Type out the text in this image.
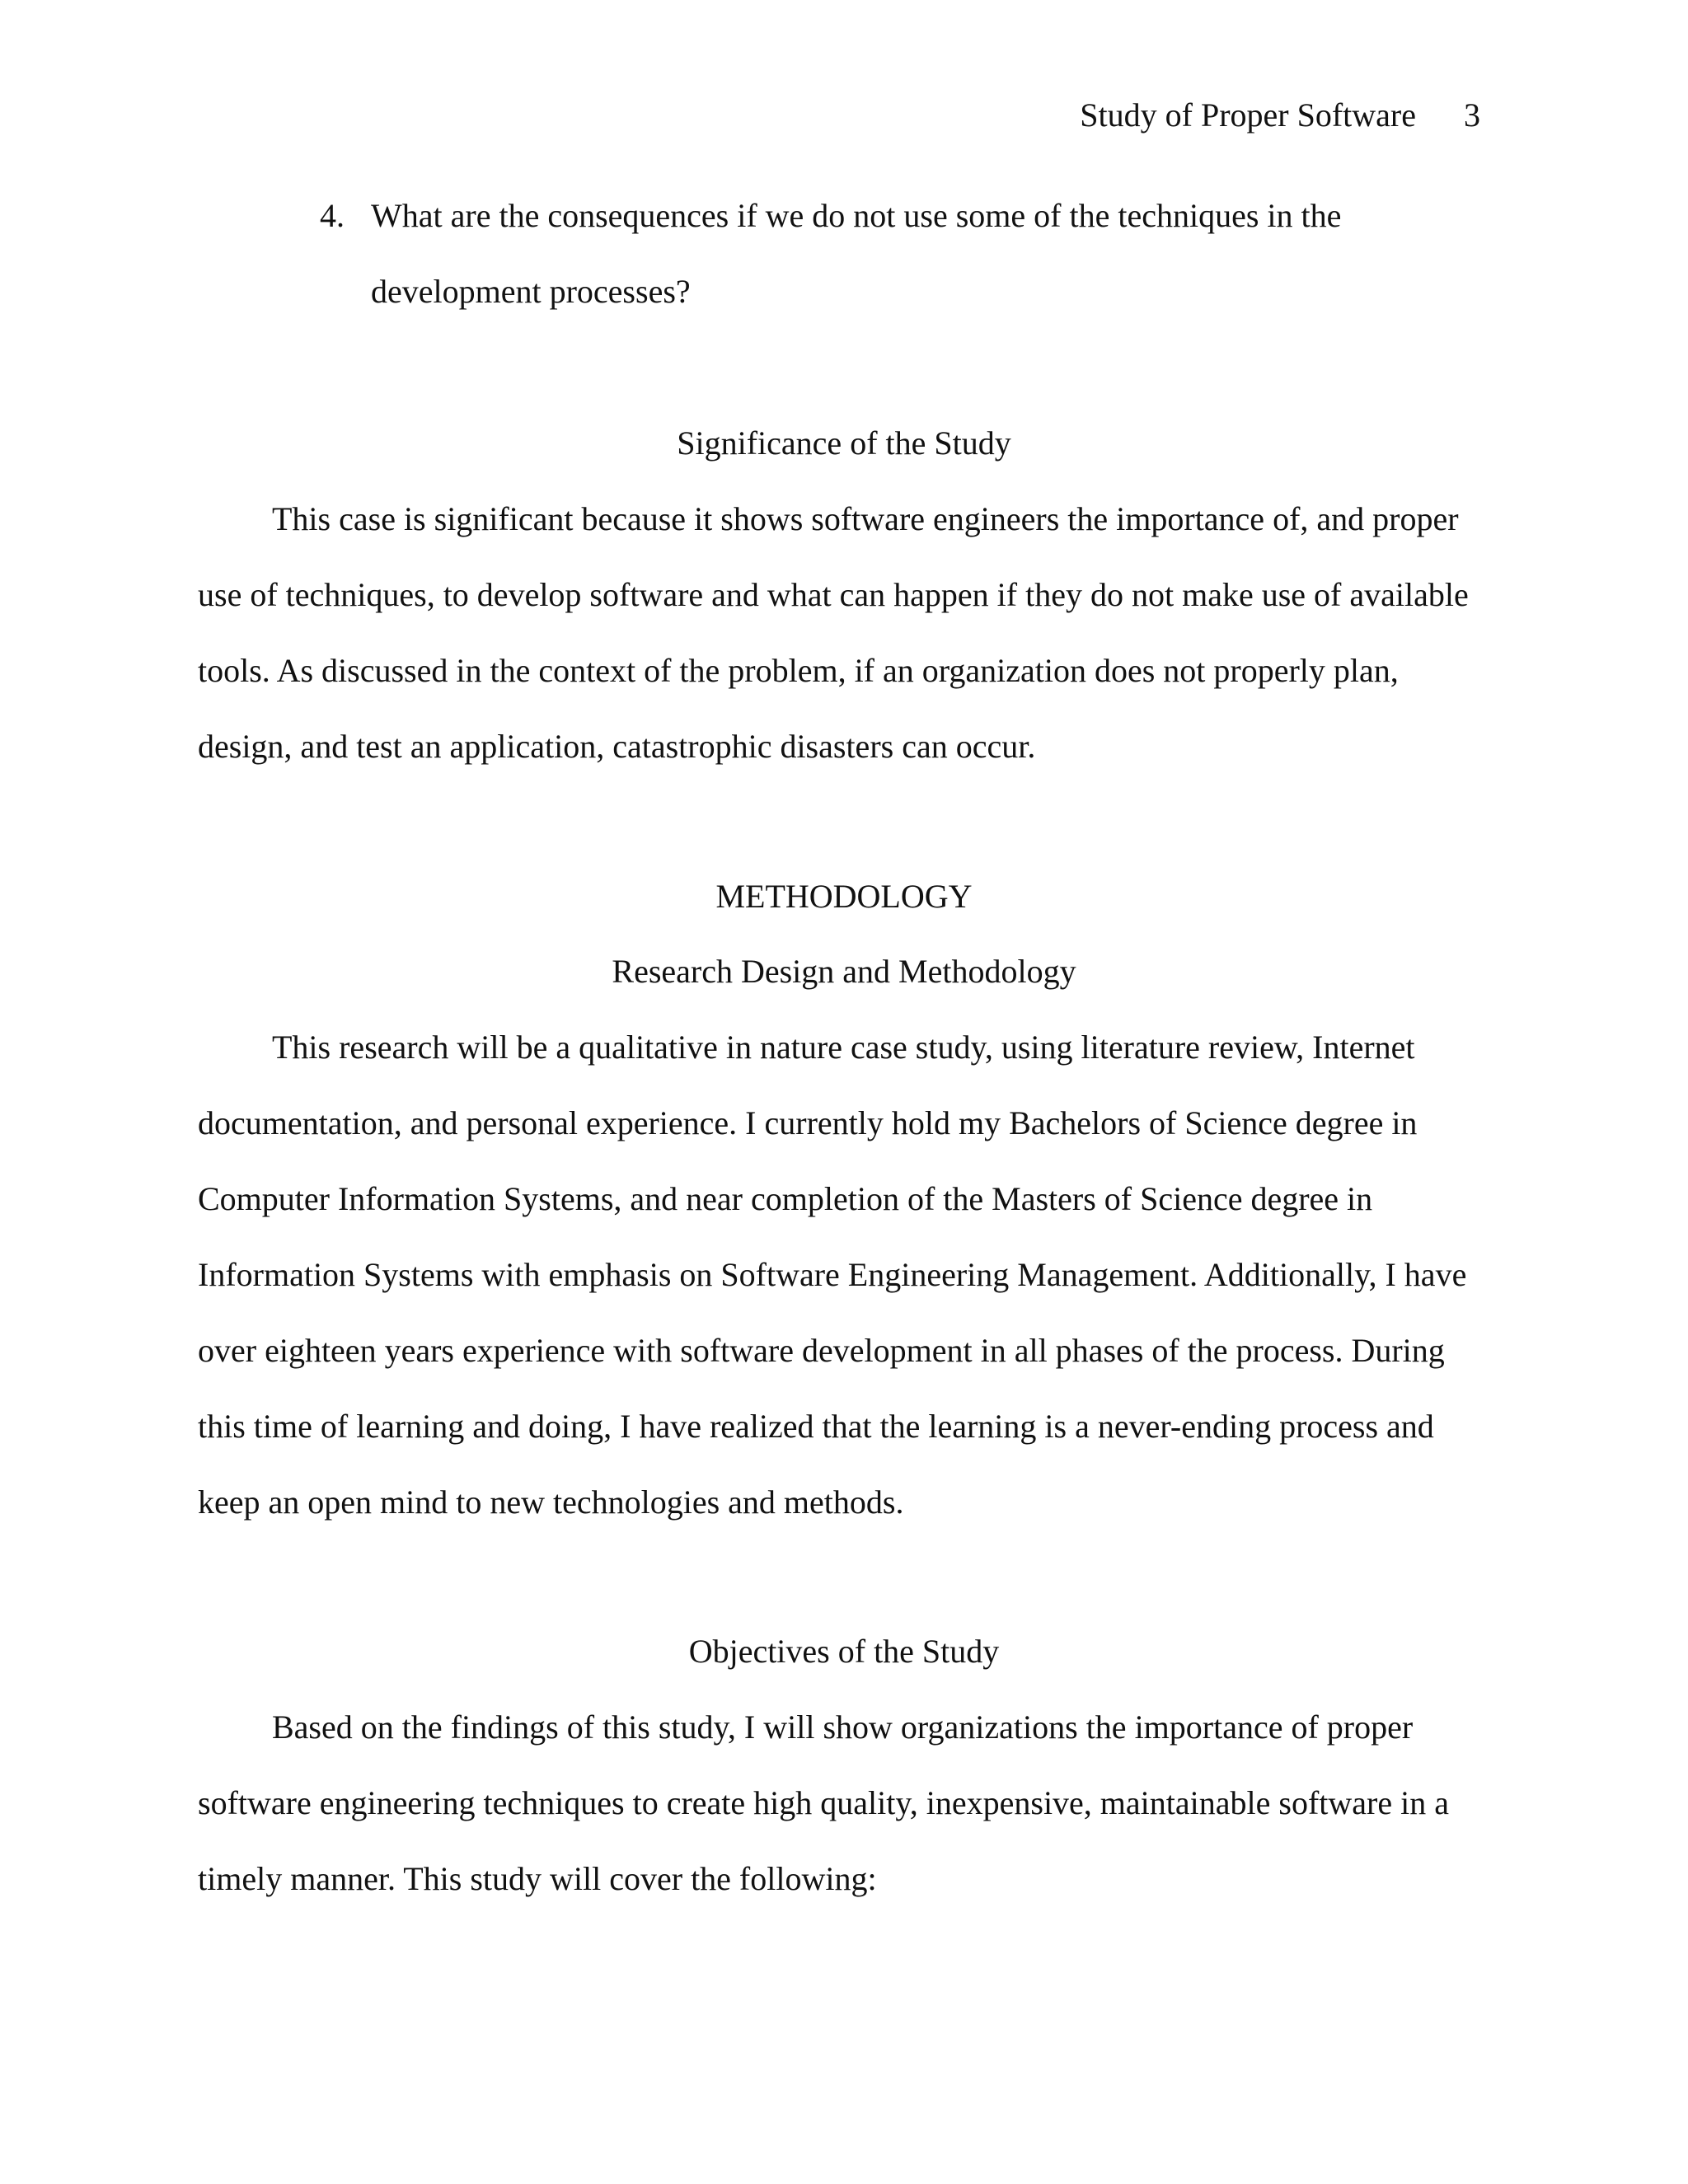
Study of Proper Software 3
4. What are the consequences if we do not use some of the techniques in the development processes?
Significance of the Study

This case is significant because it shows software engineers the importance of, and proper use of techniques, to develop software and what can happen if they do not make use of available tools. As discussed in the context of the problem, if an organization does not properly plan, design, and test an application, catastrophic disasters can occur.

METHODOLOGY
Research Design and Methodology

This research will be a qualitative in nature case study, using literature review, Internet documentation, and personal experience. I currently hold my Bachelors of Science degree in Computer Information Systems, and near completion of the Masters of Science degree in Information Systems with emphasis on Software Engineering Management. Additionally, I have over eighteen years experience with software development in all phases of the process. During this time of learning and doing, I have realized that the learning is a never-ending process and keep an open mind to new technologies and methods.

Objectives of the Study

Based on the findings of this study, I will show organizations the importance of proper software engineering techniques to create high quality, inexpensive, maintainable software in a timely manner. This study will cover the following:
